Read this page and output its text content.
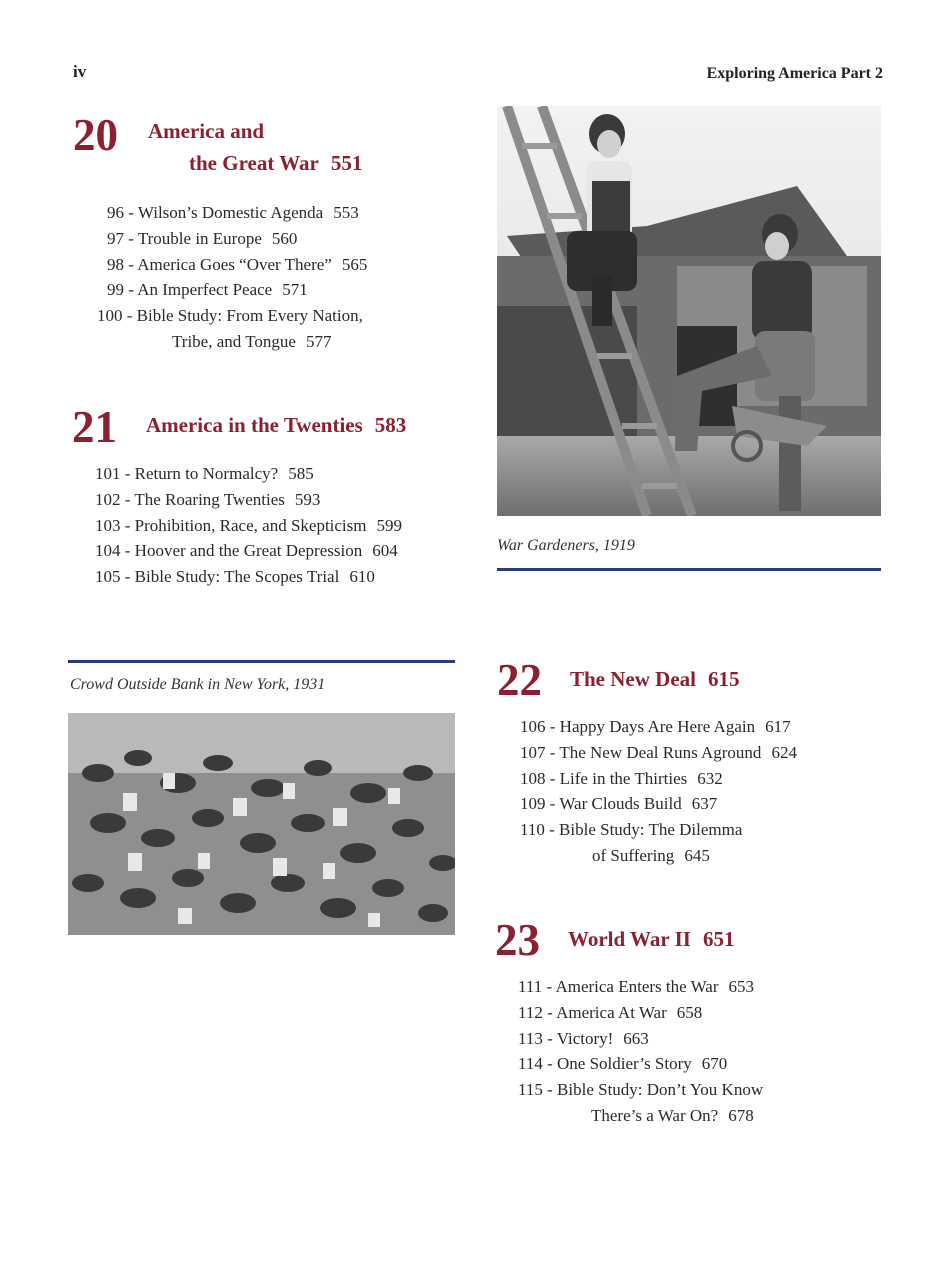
iv	Exploring America Part 2
20 America and
the Great War 551
96 - Wilson’s Domestic Agenda 553
97 - Trouble in Europe 560
98 - America Goes “Over There” 565
99 - An Imperfect Peace 571
100 - Bible Study: From Every Nation,
Tribe, and Tongue 577
21 America in the Twenties 583
101 - Return to Normalcy? 585
102 - The Roaring Twenties 593
103 - Prohibition, Race, and Skepticism 599
104 - Hoover and the Great Depression 604
105 - Bible Study: The Scopes Trial 610
War Gardeners, 1919
Crowd Outside Bank in New York, 1931	22 The New Deal 615
106 - Happy Days Are Here Again 617
107 - The New Deal Runs Aground 624
108 - Life in the Thirties 632
109 - War Clouds Build 637
110 - Bible Study: The Dilemma
of Suffering 645
23 World War II 651
111 - America Enters the War 653
112 - America At War 658
113 - Victory! 663
114 - One Soldier’s Story 670
115 - Bible Study: Don’t You Know
There’s a War On? 678
